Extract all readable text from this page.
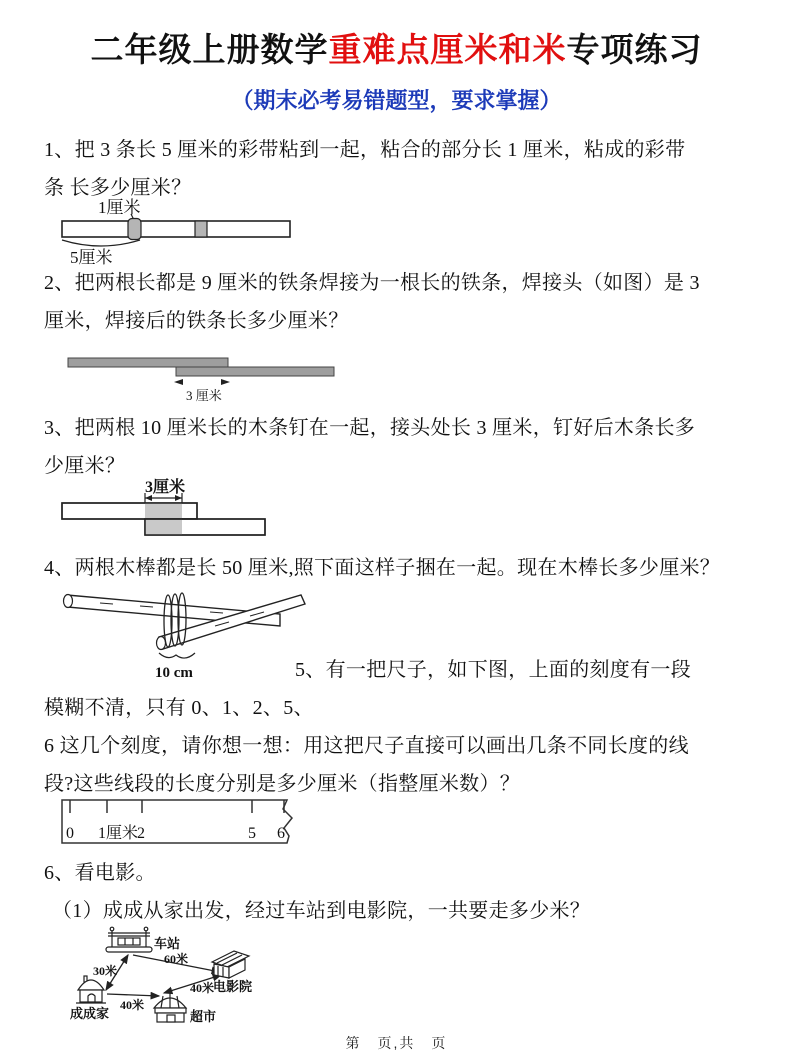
二年级上册数学重难点厘米和米专项练习
（期末必考易错题型，要求掌握）
1、把 3 条长 5 厘米的彩带粘到一起，粘合的部分长 1 厘米，粘成的彩带
条 长多少厘米？
1厘米
5厘米
2、把两根长都是 9 厘米的铁条焊接为一根长的铁条，焊接头（如图）是 3
厘米，焊接后的铁条长多少厘米？
3 厘米
3、把两根 10 厘米长的木条钉在一起，接头处长 3 厘米，钉好后木条长多
少厘米？
3厘米
4、两根木棒都是长 50 厘米,照下面这样子捆在一起。现在木棒长多少厘米？
10 cm	5、有一把尺子，如下图，上面的刻度有一段
模糊不清，只有 0、1、2、5、
6 这几个刻度，请你想一想：用这把尺子直接可以画出几条不同长度的线
段?这些线段的长度分别是多少厘米（指整厘米数）？
0 1厘米
2	5 6
6、看电影。
（1）成成从家出发，经过车站到电影院，一共要走多少米？
车站
电影院
成成家	超市
30米
60米
40米
40米
第　页,共　页
